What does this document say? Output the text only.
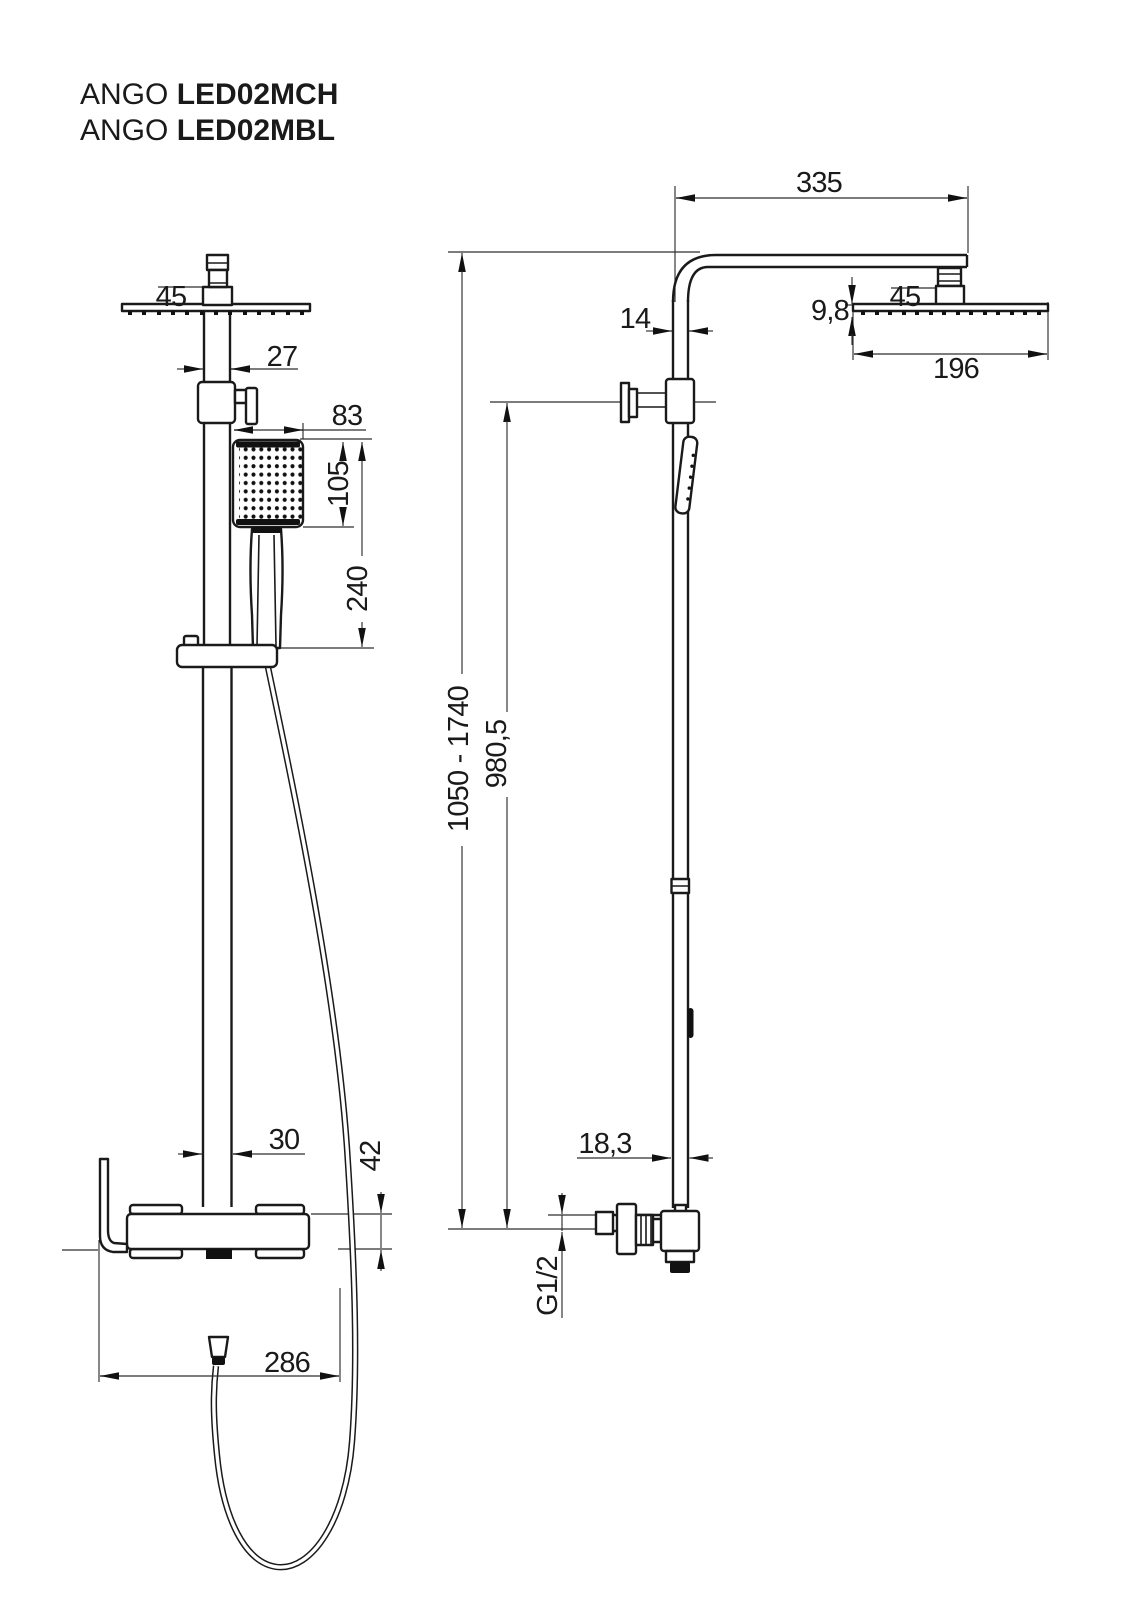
ANGO LED02MCH
ANGO LED02MBL
45
27
83
105
240
30 42
286
335
14
45
9,8
196
1050 - 1740 980,5
18,3
G1/2
